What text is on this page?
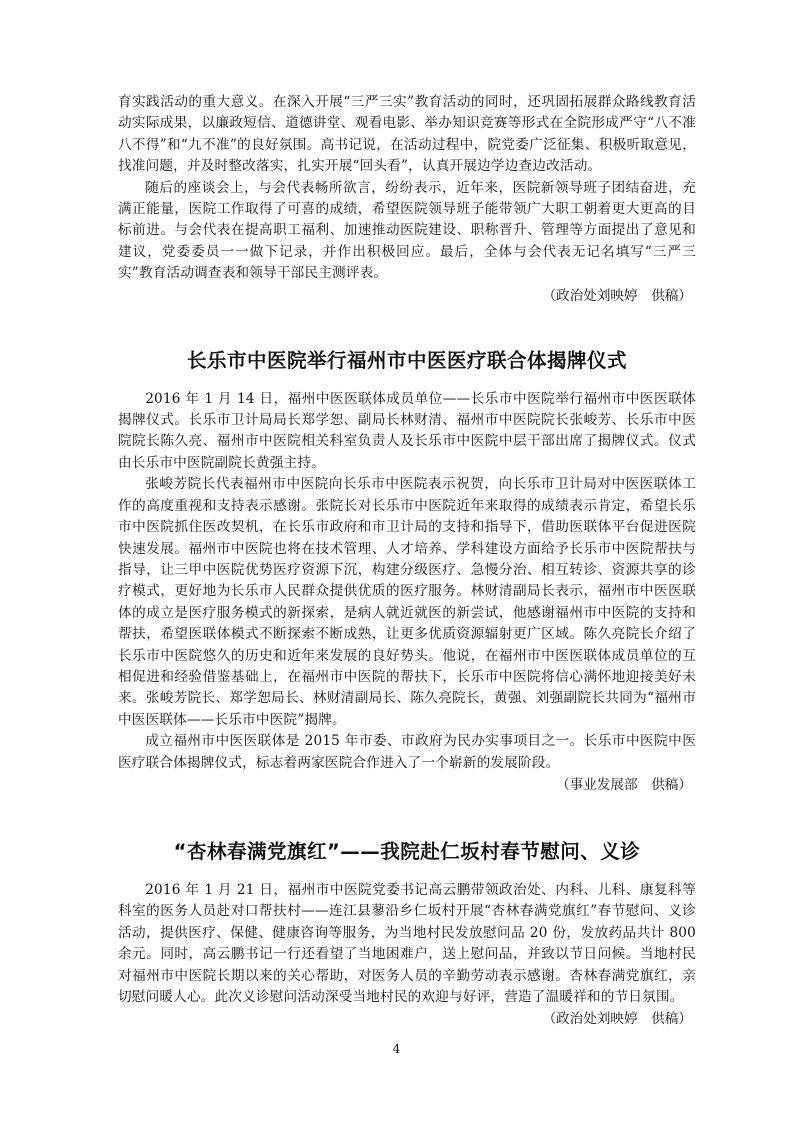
育实践活动的重大意义。在深入开展“三严三实”教育活动的同时，还巩固拓展群众路线教育活动实际成果，以廉政短信、道德讲堂、观看电影、举办知识竞赛等形式在全院形成严守“八不准八不得”和“九不准”的良好氛围。高书记说，在活动过程中，院党委广泛征集、积极听取意见，找准问题，并及时整改落实，扎实开展“回头看”，认真开展边学边查边改活动。

随后的座谈会上，与会代表畅所欲言，纷纷表示，近年来，医院新领导班子团结奋进，充满正能量，医院工作取得了可喜的成绩，希望医院领导班子能带领广大职工朝着更大更高的目标前进。与会代表在提高职工福利、加速推动医院建设、职称晋升、管理等方面提出了意见和建议，党委委员一一做下记录，并作出积极回应。最后，全体与会代表无记名填写“三严三实”教育活动调查表和领导干部民主测评表。

（政治处刘映婷　供稿）
长乐市中医院举行福州市中医医疗联合体揭牌仪式

2016 年 1 月 14 日，福州中医医联体成员单位——长乐市中医院举行福州市中医医联体揭牌仪式。长乐市卫计局局长郑学恕、副局长林财清、福州市中医院院长张峻芳、长乐市中医院院长陈久亮、福州市中医院相关科室负责人及长乐市中医院中层干部出席了揭牌仪式。仪式由长乐市中医院副院长黄强主持。

张峻芳院长代表福州市中医院向长乐市中医院表示祝贺，向长乐市卫计局对中医医联体工作的高度重视和支持表示感谢。张院长对长乐市中医院近年来取得的成绩表示肯定，希望长乐市中医院抓住医改契机，在长乐市政府和市卫计局的支持和指导下，借助医联体平台促进医院快速发展。福州市中医院也将在技术管理、人才培养、学科建设方面给予长乐市中医院帮扶与指导，让三甲中医院优势医疗资源下沉，构建分级医疗、急慢分治、相互转诊、资源共享的诊疗模式，更好地为长乐市人民群众提供优质的医疗服务。林财清副局长表示，福州市中医医联体的成立是医疗服务模式的新探索，是病人就近就医的新尝试，他感谢福州市中医院的支持和帮扶，希望医联体模式不断探索不断成熟，让更多优质资源辐射更广区域。陈久亮院长介绍了长乐市中医院悠久的历史和近年来发展的良好势头。他说，在福州市中医医联体成员单位的互相促进和经验借鉴基础上，在福州市中医院的帮扶下，长乐市中医院将信心满怀地迎接美好未来。张峻芳院长、郑学恕局长、林财清副局长、陈久亮院长，黄强、刘强副院长共同为“福州市中医医联体——长乐市中医院”揭牌。

成立福州市中医医联体是 2015 年市委、市政府为民办实事项目之一。长乐市中医院中医医疗联合体揭牌仪式，标志着两家医院合作进入了一个崭新的发展阶段。

（事业发展部　供稿）
“杏林春满党旗红”——我院赴仁坂村春节慰问、义诊

2016 年 1 月 21 日，福州市中医院党委书记高云鹏带领政治处、内科、儿科、康复科等科室的医务人员赴对口帮扶村——连江县蓼沿乡仁坂村开展“杏林春满党旗红”春节慰问、义诊活动，提供医疗、保健、健康咨询等服务，为当地村民发放慰问品 20 份，发放药品共计 800 余元。同时，高云鹏书记一行还看望了当地困难户，送上慰问品，并致以节日问候。当地村民对福州市中医院长期以来的关心帮助，对医务人员的辛勤劳动表示感谢。杏林春满党旗红，亲切慰问暖人心。此次义诊慰问活动深受当地村民的欢迎与好评，营造了温暖祥和的节日氛围。

（政治处刘映婷　供稿）
4
